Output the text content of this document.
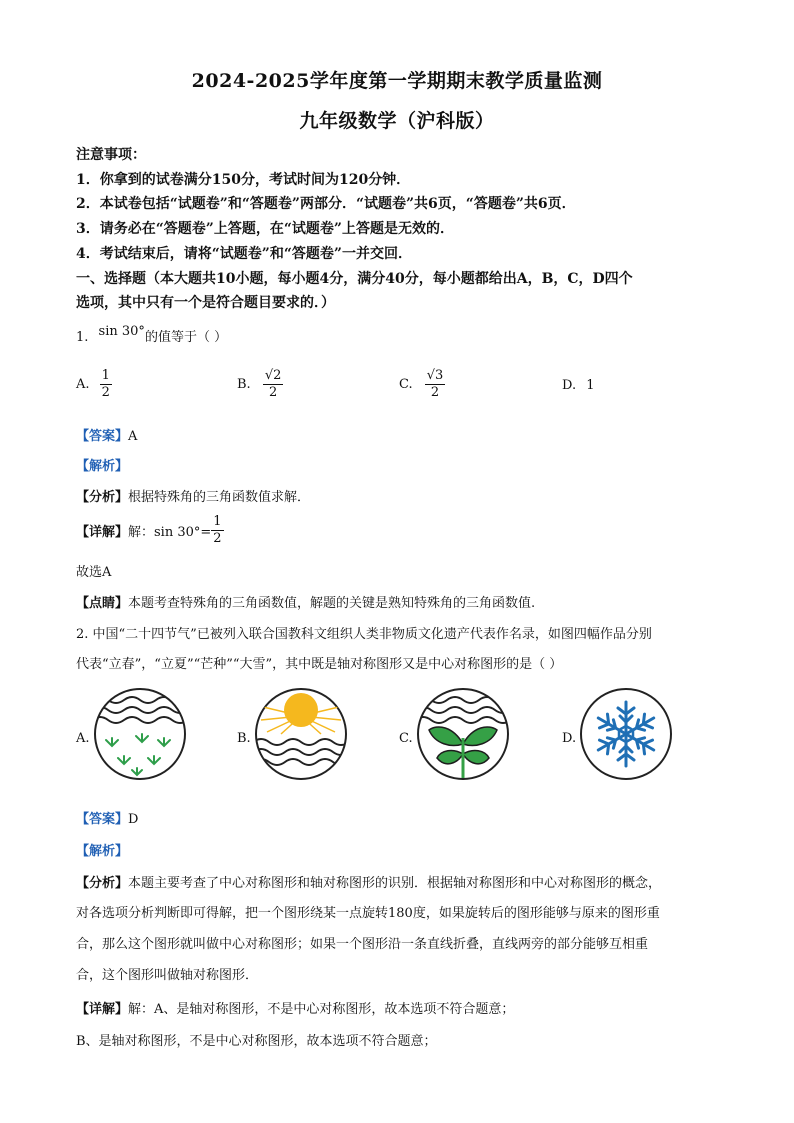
2024-2025学年度第一学期期末教学质量监测
九年级数学（沪科版）
注意事项：
1．你拿到的试卷满分150分，考试时间为120分钟．
2．本试卷包括“试题卷”和“答题卷”两部分．“试题卷”共6页，“答题卷”共6页．
3．请务必在“答题卷”上答题，在“试题卷”上答题是无效的．
4．考试结束后，请将“试题卷”和“答题卷”一并交回．
一、选择题（本大题共10小题，每小题4分，满分40分，每小题都给出A，B，C，D四个
选项，其中只有一个是符合题目要求的．）
1. sin 30°的值等于（ ）
A. $\frac{1}{2}$	B. $\frac{√2}{2}$	C. $\frac{√3}{2}$	D. 1
【答案】A
【解析】
【分析】根据特殊角的三角函数值求解．
【详解】解：$\sin 30^\circ= \frac{1}{2}$
故选A
【点睛】本题考查特殊角的三角函数值，解题的关键是熟知特殊角的三角函数值.
2. 中国“二十四节气”已被列入联合国教科文组织人类非物质文化遗产代表作名录，如图四幅作品分别
代表“立春”，“立夏”“芒种”“大雪”，其中既是轴对称图形又是中心对称图形的是（ ）
A.	B.	C.	D.
【答案】D
【解析】
【分析】本题主要考查了中心对称图形和轴对称图形的识别．根据轴对称图形和中心对称图形的概念，
对各选项分析判断即可得解，把一个图形绕某一点旋转180度，如果旋转后的图形能够与原来的图形重
合，那么这个图形就叫做中心对称图形；如果一个图形沿一条直线折叠，直线两旁的部分能够互相重
合，这个图形叫做轴对称图形．
【详解】解：A、是轴对称图形，不是中心对称图形，故本选项不符合题意；
B、是轴对称图形，不是中心对称图形，故本选项不符合题意；
